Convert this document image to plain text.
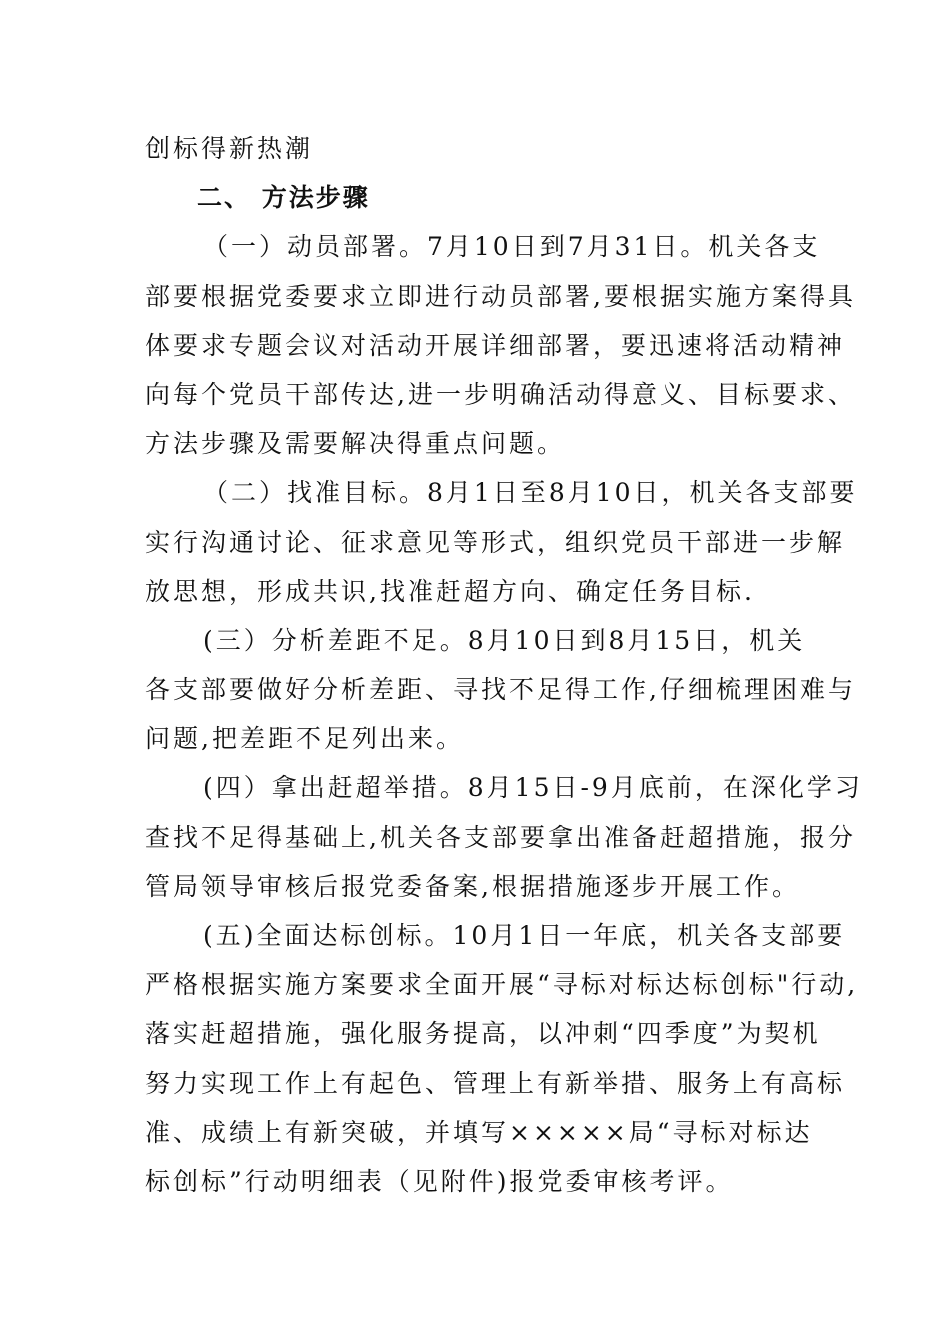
创标得新热潮
二、 方法步骤
（一）动员部署。7月10日到7月31日。机关各支
部要根据党委要求立即进行动员部署,要根据实施方案得具
体要求专题会议对活动开展详细部署，要迅速将活动精神
向每个党员干部传达,进一步明确活动得意义、目标要求、
方法步骤及需要解决得重点问题。
（二）找准目标。8月1日至8月10日，机关各支部要
实行沟通讨论、征求意见等形式，组织党员干部进一步解
放思想，形成共识,找准赶超方向、确定任务目标.
(三）分析差距不足。8月10日到8月15日，机关
各支部要做好分析差距、寻找不足得工作,仔细梳理困难与
问题,把差距不足列出来。
(四）拿出赶超举措。8月15日-9月底前，在深化学习
查找不足得基础上,机关各支部要拿出准备赶超措施，报分
管局领导审核后报党委备案,根据措施逐步开展工作。
(五)全面达标创标。10月1日一年底，机关各支部要
严格根据实施方案要求全面开展“寻标对标达标创标"行动,
落实赶超措施，强化服务提高，以冲刺“四季度”为契机
努力实现工作上有起色、管理上有新举措、服务上有高标
准、成绩上有新突破，并填写×××××局“寻标对标达
标创标”行动明细表（见附件)报党委审核考评。
